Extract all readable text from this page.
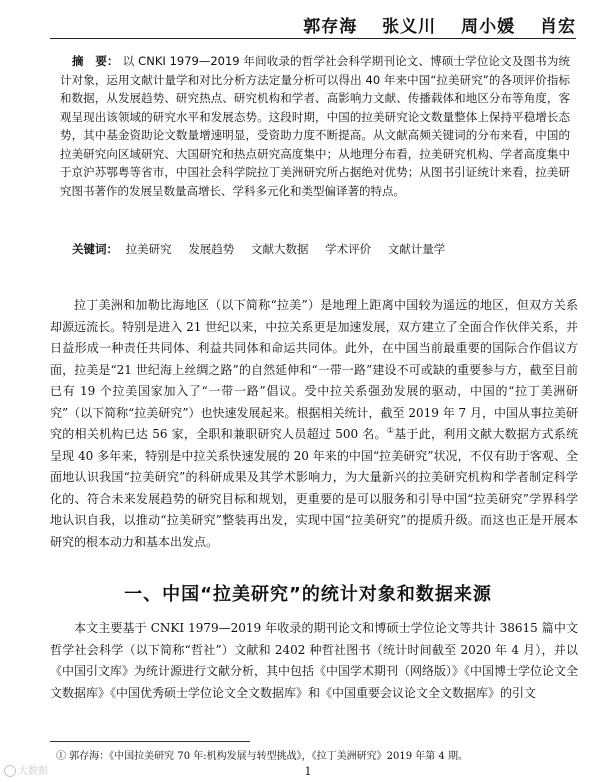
郭存海 张义川 周小媛 肖宏
摘　要： 以 CNKI 1979—2019 年间收录的哲学社会科学期刊论文、博硕士学位论文及图书为统计对象，运用文献计量学和对比分析方法定量分析可以得出 40 年来中国“拉美研究”的各项评价指标和数据，从发展趋势、研究热点、研究机构和学者、高影响力文献、传播载体和地区分布等角度，客观呈现出该领域的研究水平和发展态势。这段时期，中国的拉美研究论文数量整体上保持平稳增长态势，其中基金资助论文数量增速明显，受资助力度不断提高。从文献高频关键词的分布来看，中国的拉美研究向区域研究、大国研究和热点研究高度集中；从地理分布看，拉美研究机构、学者高度集中于京沪苏鄂粤等省市，中国社会科学院拉丁美洲研究所占据绝对优势；从图书引证统计来看，拉美研究图书著作的发展呈数量高增长、学科多元化和类型偏译著的特点。
关键词： 拉美研究 发展趋势 文献大数据 学术评价 文献计量学
拉丁美洲和加勒比海地区（以下简称“拉美”）是地理上距离中国较为遥远的地区，但双方关系却源远流长。特别是进入 21 世纪以来，中拉关系更是加速发展，双方建立了全面合作伙伴关系，并日益形成一种责任共同体、利益共同体和命运共同体。此外，在中国当前最重要的国际合作倡议方面，拉美是“21 世纪海上丝绸之路”的自然延伸和“一带一路”建设不可或缺的重要参与方，截至目前已有 19 个拉美国家加入了“一带一路”倡议。受中拉关系强劲发展的驱动，中国的“拉丁美洲研究”（以下简称“拉美研究”）也快速发展起来。根据相关统计，截至 2019 年 7 月，中国从事拉美研究的相关机构已达 56 家，全职和兼职研究人员超过 500 名。①基于此，利用文献大数据方式系统呈现 40 多年来，特别是中拉关系快速发展的 20 年来的中国“拉美研究”状况，不仅有助于客观、全面地认识我国“拉美研究”的科研成果及其学术影响力，为大量新兴的拉美研究机构和学者制定科学化的、符合未来发展趋势的研究目标和规划，更重要的是可以服务和引导中国“拉美研究”学界科学地认识自我，以推动“拉美研究”整装再出发，实现中国“拉美研究”的提质升级。而这也正是开展本研究的根本动力和基本出发点。
一、中国“拉美研究”的统计对象和数据来源
本文主要基于 CNKI 1979—2019 年收录的期刊论文和博硕士学位论文等共计 38615 篇中文哲学社会科学（以下简称“哲社”）文献和 2402 种哲社图书（统计时间截至 2020 年 4 月），并以《中国引文库》为统计源进行文献分析，其中包括《中国学术期刊（网络版）》《中国博士学位论文全文数据库》《中国优秀硕士学位论文全文数据库》和《中国重要会议论文全文数据库》的引文
① 郭存海：《中国拉美研究 70 年:机构发展与转型挑战》，《拉丁美洲研究》2019 年第 4 期。
大数据	1
